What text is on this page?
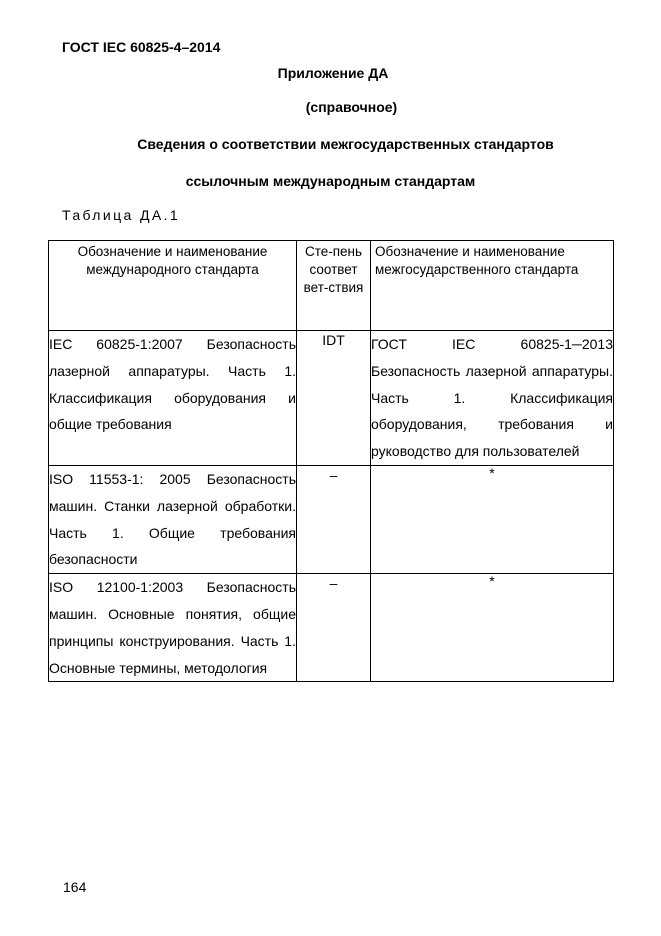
ГОСТ IEC 60825-4–2014
Приложение ДА
(справочное)
Сведения о соответствии межгосударственных стандартов
ссылочным международным стандартам
Таблица ДА.1
Обозначение и наименование международного стандарта	Сте-пень соответ вет-ствия	Обозначение и наименование межгосударственного стандарта
IEC 60825-1:2007 Безопасность лазерной аппаратуры. Часть 1. Классификация оборудования и общие требования	IDT	ГОСТ IEC 60825-1─2013 Безопасность лазерной аппаратуры. Часть 1. Классификация оборудования, требования и руководство для пользователей
ISO 11553-1: 2005 Безопасность машин. Станки лазерной обработки. Часть 1. Общие требования безопасности	–	*
ISO 12100-1:2003 Безопасность машин. Основные понятия, общие принципы конструирования. Часть 1. Основные термины, методология	–	*
164
